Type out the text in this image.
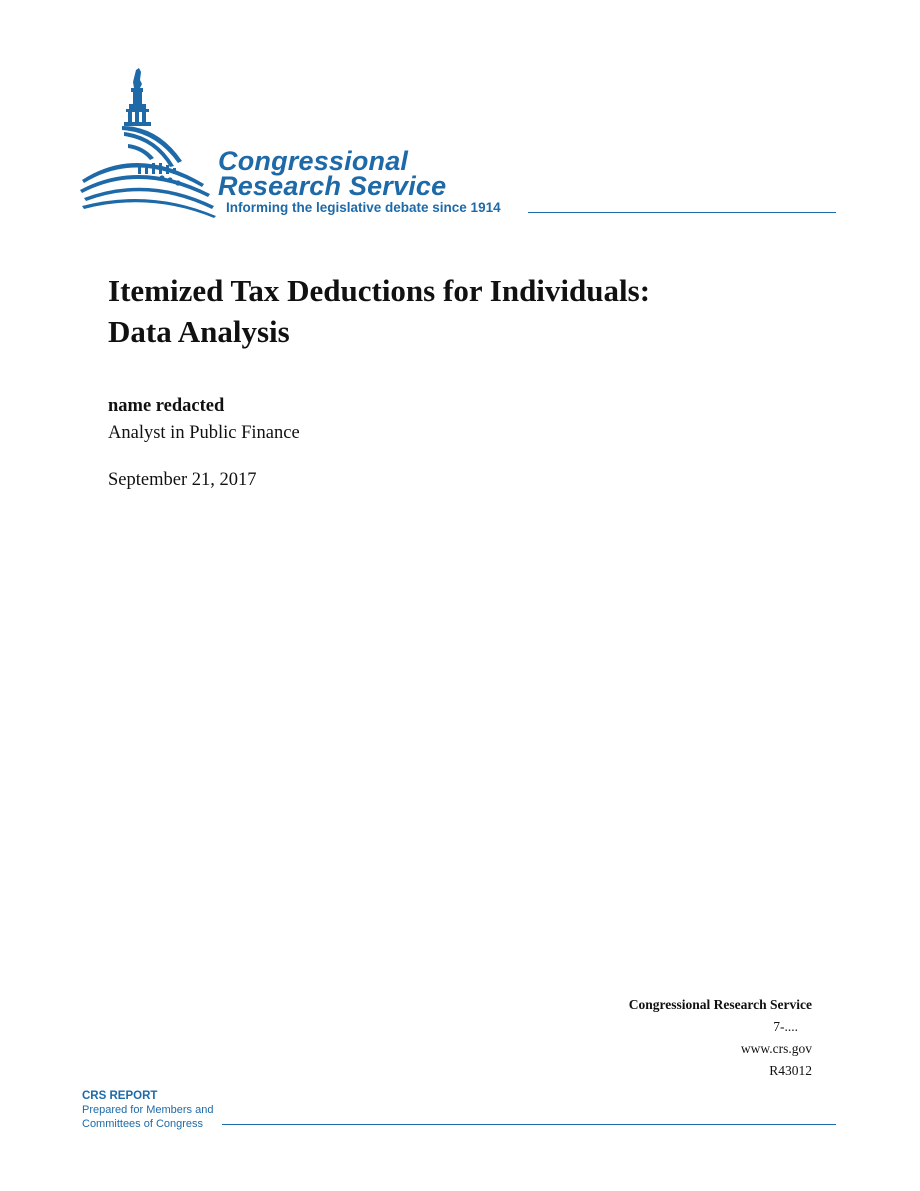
Congressional
Research Service
Informing the legislative debate since 1914
Itemized Tax Deductions for Individuals:
Data Analysis
name redacted
Analyst in Public Finance
September 21, 2017
Congressional Research Service
7-....
www.crs.gov
R43012
CRS REPORT
Prepared for Members and
Committees of Congress
